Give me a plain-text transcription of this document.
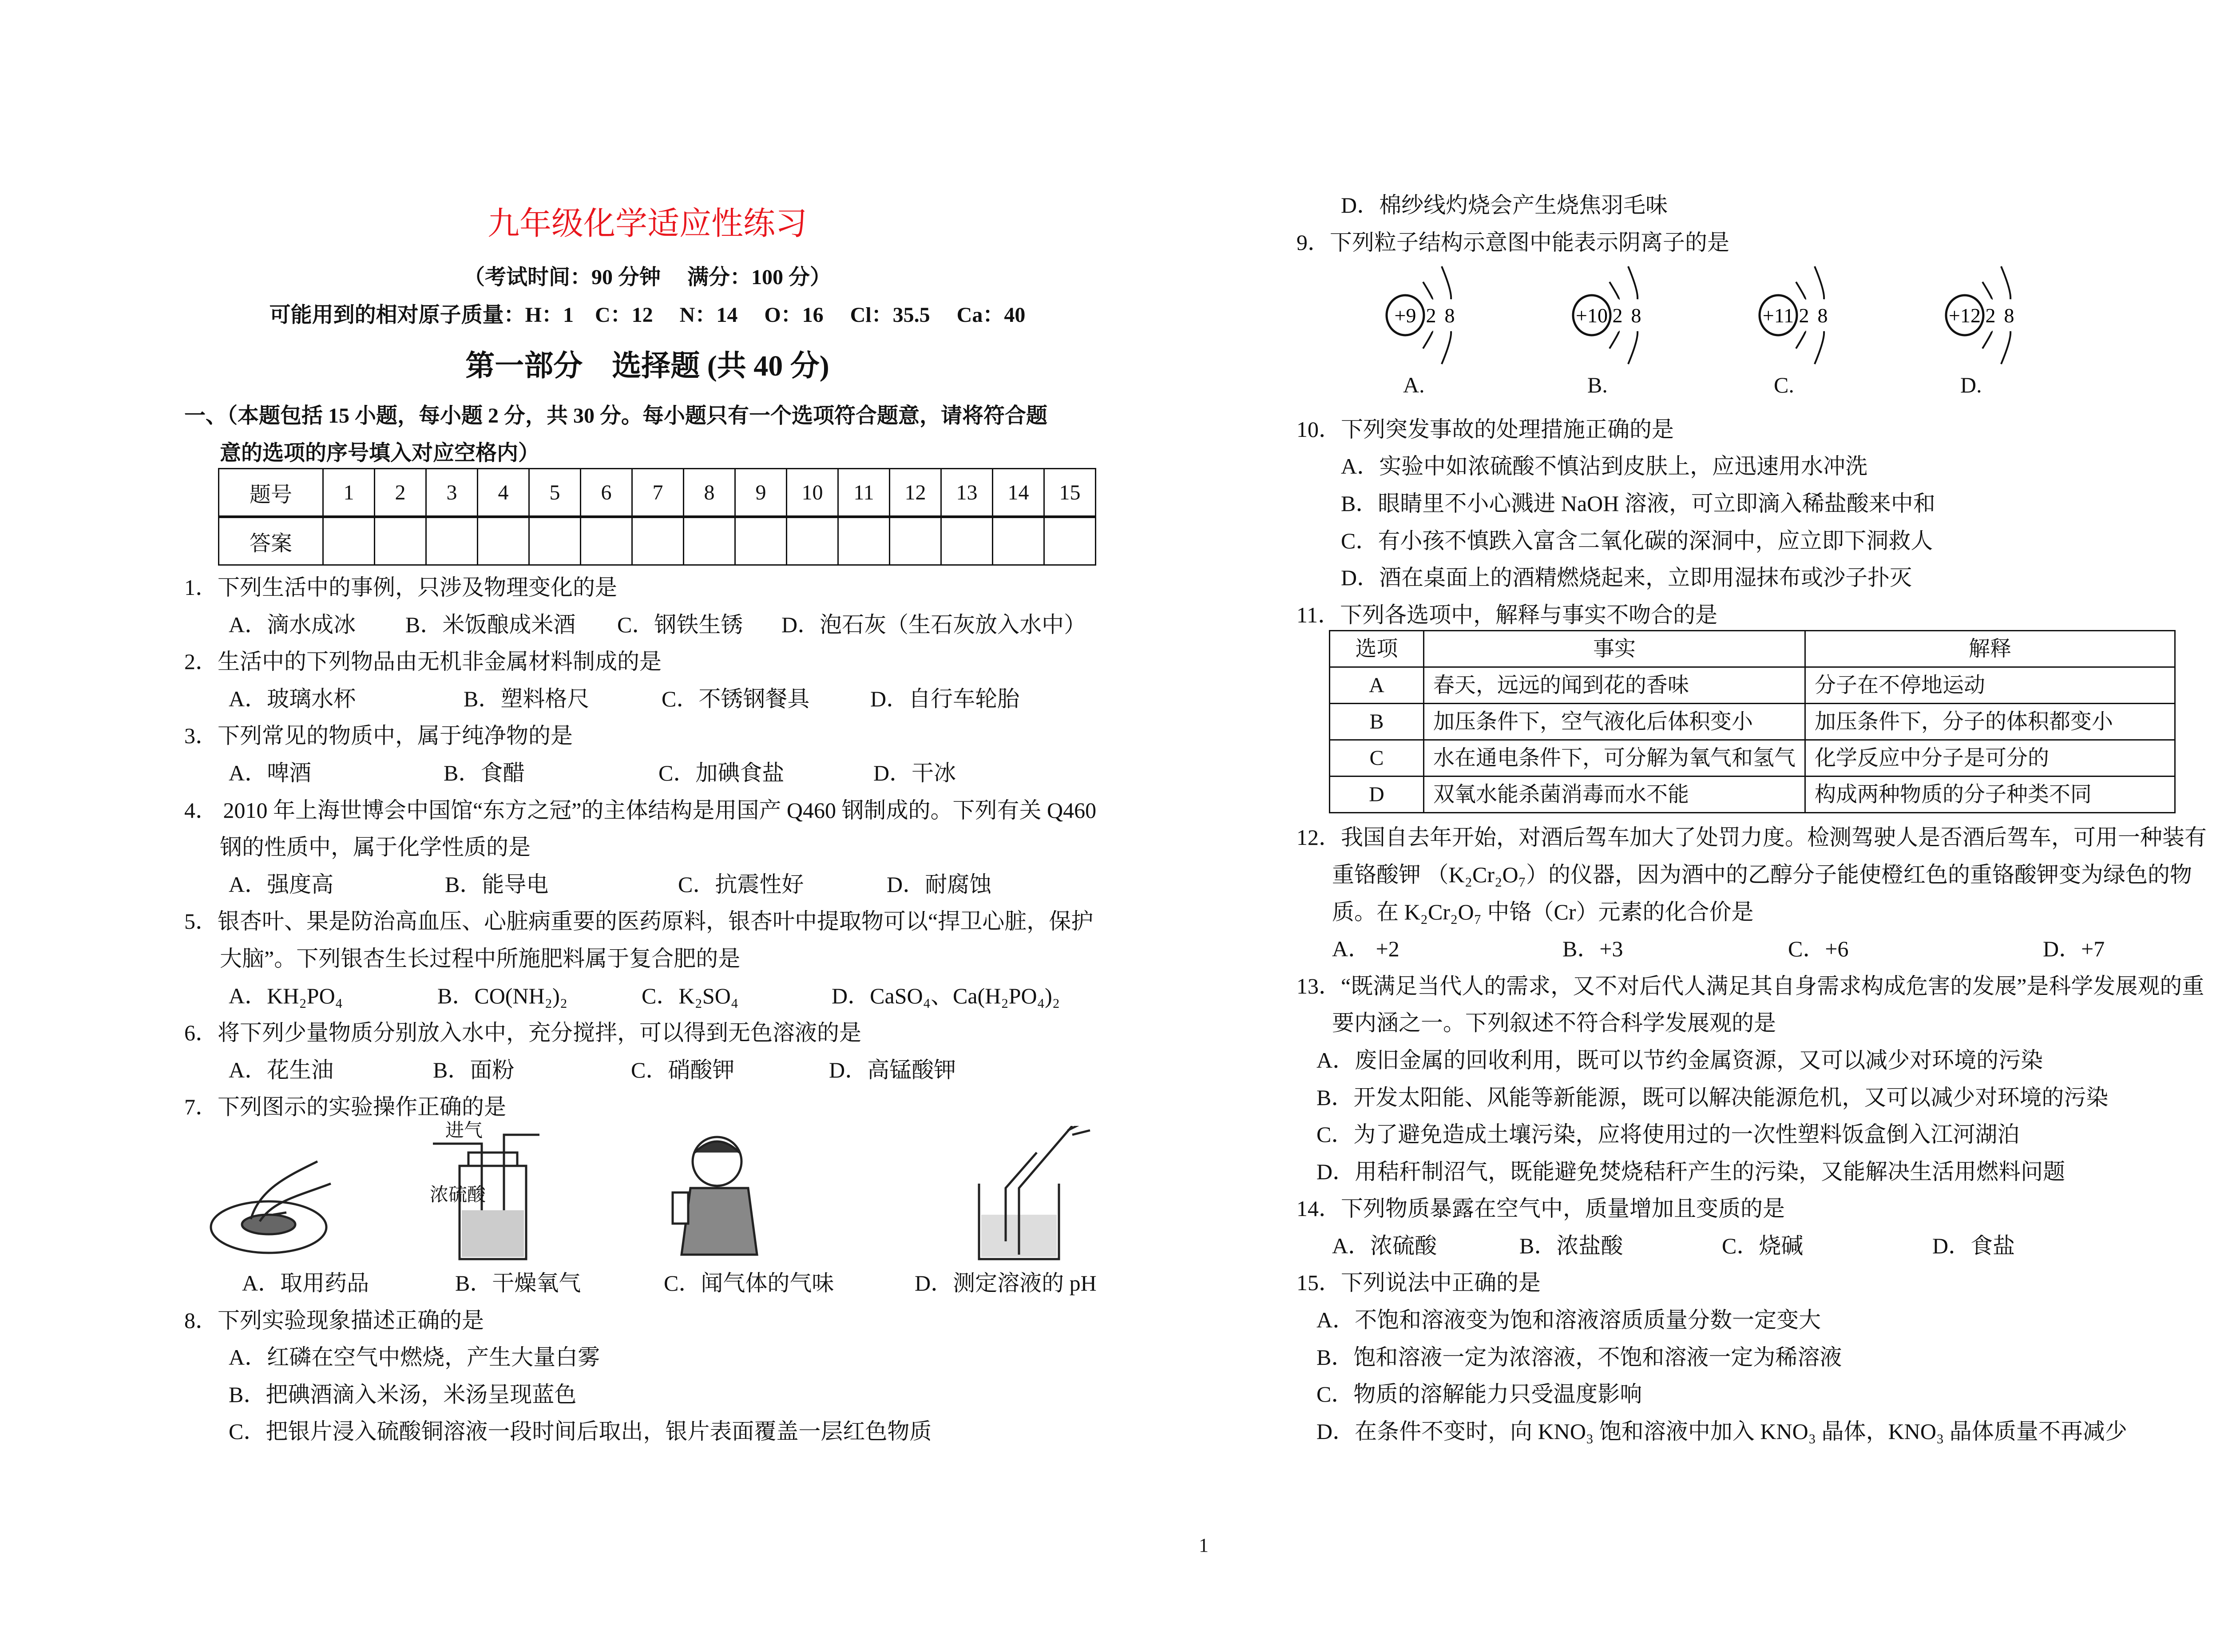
九年级化学适应性练习
（考试时间：90 分钟　 满分：100 分）
可能用到的相对原子质量：H：1　C：12　 N：14　 O：16　 Cl：35.5　 Ca：40
第一部分　选择题 (共 40 分)
一、（本题包括 15 小题，每小题 2 分，共 30 分。每小题只有一个选项符合题意，请将符合题
意的选项的序号填入对应空格内）
题号	1	2	3	4	5	6	7	8	9	10	11	12	13	14	15
答案															
1．下列生活中的事例，只涉及物理变化的是
A．滴水成冰 B．米饭酿成米酒 C．钢铁生锈 D．泡石灰（生石灰放入水中）
2．生活中的下列物品由无机非金属材料制成的是
A．玻璃水杯	B．塑料格尺	C．不锈钢餐具	D．自行车轮胎
3．下列常见的物质中，属于纯净物的是
A．啤酒	B．食醋	C．加碘食盐	D．干冰
4． 2010 年上海世博会中国馆“东方之冠”的主体结构是用国产 Q460 钢制成的。下列有关 Q460
钢的性质中，属于化学性质的是
A．强度高	B．能导电	C．抗震性好	D．耐腐蚀
5．银杏叶、果是防治高血压、心脏病重要的医药原料，银杏叶中提取物可以“捍卫心脏，保护
大脑”。下列银杏生长过程中所施肥料属于复合肥的是
A．KH₂PO₄	B．CO(NH₂)₂	C．K₂SO₄	D．CaSO₄、Ca(H₂PO₄)₂
6．将下列少量物质分别放入水中，充分搅拌，可以得到无色溶液的是
A．花生油	B．面粉	C．硝酸钾	D．高锰酸钾
7．下列图示的实验操作正确的是
进气
浓硫酸
A．取用药品	B．干燥氧气	C．闻气体的气味	D．测定溶液的 pH
8．下列实验现象描述正确的是
A．红磷在空气中燃烧，产生大量白雾
B．把碘酒滴入米汤，米汤呈现蓝色
C．把银片浸入硫酸铜溶液一段时间后取出，银片表面覆盖一层红色物质
D．棉纱线灼烧会产生烧焦羽毛味
9．下列粒子结构示意图中能表示阴离子的是
+9 2 8	+10 2 8	+11 2 8	+12 2 8
A.	B.	C.	D.
10．下列突发事故的处理措施正确的是
A．实验中如浓硫酸不慎沾到皮肤上，应迅速用水冲洗
B．眼睛里不小心溅进 NaOH 溶液，可立即滴入稀盐酸来中和
C．有小孩不慎跌入富含二氧化碳的深洞中，应立即下洞救人
D．酒在桌面上的酒精燃烧起来，立即用湿抹布或沙子扑灭
11．下列各选项中，解释与事实不吻合的是
选项	事实	解释
A	春天，远远的闻到花的香味	分子在不停地运动
B	加压条件下，空气液化后体积变小	加压条件下，分子的体积都变小
C	水在通电条件下，可分解为氧气和氢气	化学反应中分子是可分的
D	双氧水能杀菌消毒而水不能	构成两种物质的分子种类不同
12．我国自去年开始，对酒后驾车加大了处罚力度。检测驾驶人是否酒后驾车，可用一种装有
重铬酸钾 （K₂Cr₂O₇）的仪器，因为酒中的乙醇分子能使橙红色的重铬酸钾变为绿色的物
质。在 K₂Cr₂O₇ 中铬（Cr）元素的化合价是
A． +2	B．+3	C．+6	D．+7
13．“既满足当代人的需求，又不对后代人满足其自身需求构成危害的发展”是科学发展观的重
要内涵之一。下列叙述不符合科学发展观的是
A．废旧金属的回收利用，既可以节约金属资源，又可以减少对环境的污染
B．开发太阳能、风能等新能源，既可以解决能源危机，又可以减少对环境的污染
C．为了避免造成土壤污染，应将使用过的一次性塑料饭盒倒入江河湖泊
D．用秸秆制沼气，既能避免焚烧秸秆产生的污染，又能解决生活用燃料问题
14．下列物质暴露在空气中，质量增加且变质的是
A．浓硫酸	B．浓盐酸	C．烧碱	D．食盐
15．下列说法中正确的是
A．不饱和溶液变为饱和溶液溶质质量分数一定变大
B．饱和溶液一定为浓溶液，不饱和溶液一定为稀溶液
C．物质的溶解能力只受温度影响
D．在条件不变时，向 KNO₃ 饱和溶液中加入 KNO₃ 晶体，KNO₃ 晶体质量不再减少
1
